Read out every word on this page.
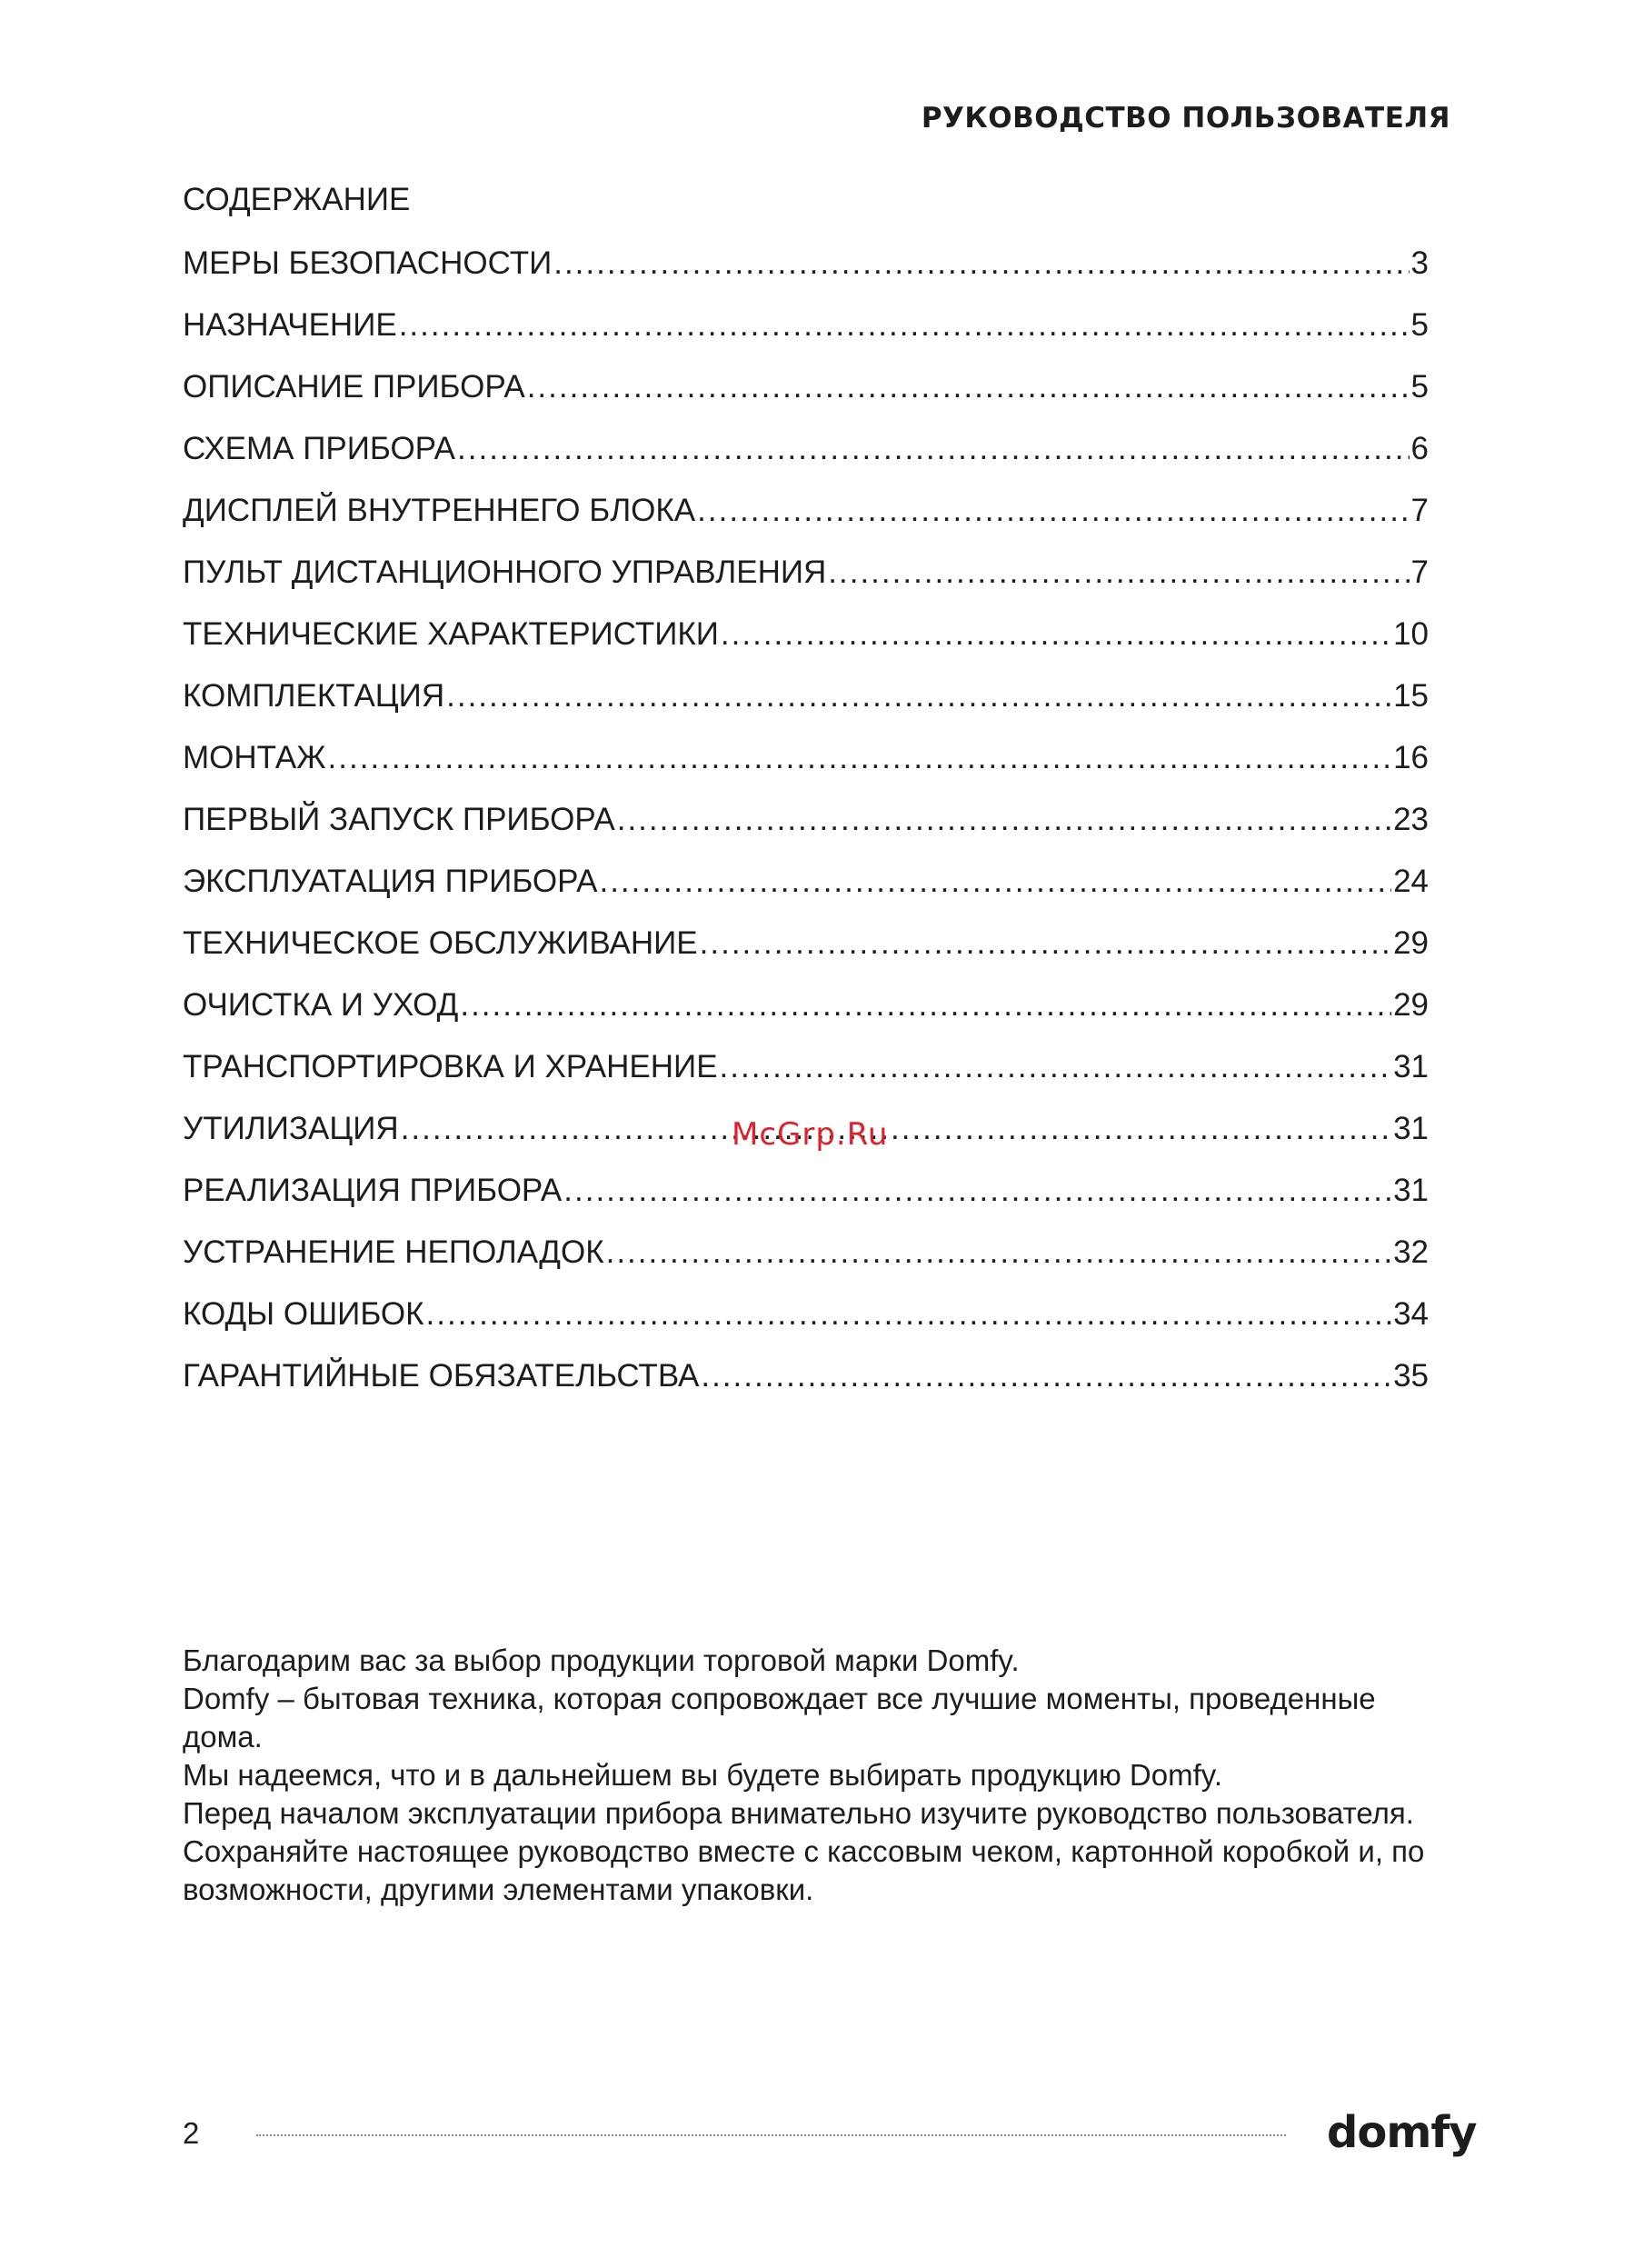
РУКОВОДСТВО ПОЛЬЗОВАТЕЛЯ
СОДЕРЖАНИЕ
МЕРЫ БЕЗОПАСНОСТИ .....	3
НАЗНАЧЕНИЕ .....	5
ОПИСАНИЕ ПРИБОРА .....	5
СХЕМА ПРИБОРА .....	6
ДИСПЛЕЙ ВНУТРЕННЕГО БЛОКА .....	7
ПУЛЬТ ДИСТАНЦИОННОГО УПРАВЛЕНИЯ .....	7
ТЕХНИЧЕСКИЕ ХАРАКТЕРИСТИКИ .....	10
КОМПЛЕКТАЦИЯ .....	15
МОНТАЖ .....	16
ПЕРВЫЙ ЗАПУСК ПРИБОРА .....	23
ЭКСПЛУАТАЦИЯ ПРИБОРА .....	24
ТЕХНИЧЕСКОЕ ОБСЛУЖИВАНИЕ .....	29
ОЧИСТКА И УХОД .....	29
ТРАНСПОРТИРОВКА И ХРАНЕНИЕ .....	31
УТИЛИЗАЦИЯ .....	31
РЕАЛИЗАЦИЯ ПРИБОРА .....	31
УСТРАНЕНИЕ НЕПОЛАДОК .....	32
КОДЫ ОШИБОК .....	34
ГАРАНТИЙНЫЕ ОБЯЗАТЕЛЬСТВА .....	35
McGrp.Ru

Благодарим вас за выбор продукции торговой марки Domfy.

Domfy – бытовая техника, которая сопровождает все лучшие моменты, проведенные дома.

Мы надеемся, что и в дальнейшем вы будете выбирать продукцию Domfy.

Перед началом эксплуатации прибора внимательно изучите руководство пользователя.

Сохраняйте настоящее руководство вместе с кассовым чеком, картонной коробкой и, по возможности, другими элементами упаковки.

2	domfy
